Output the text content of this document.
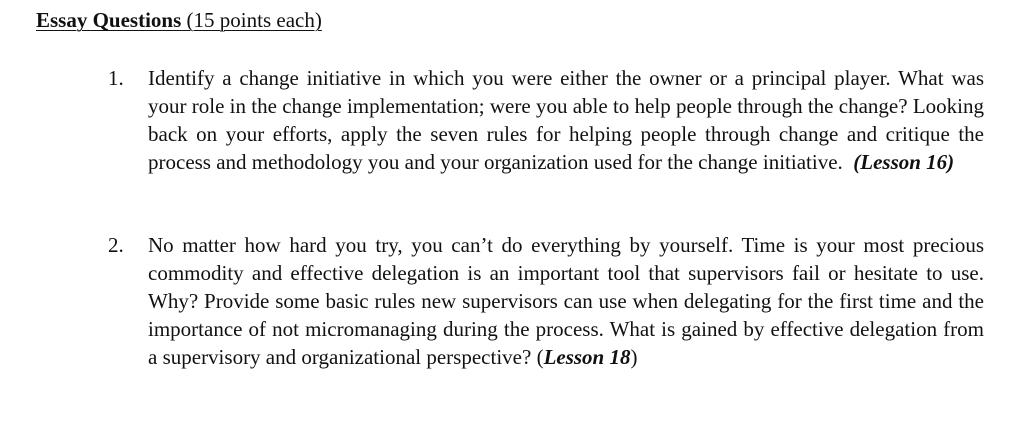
Essay Questions (15 points each)
1. Identify a change initiative in which you were either the owner or a principal player. What was your role in the change implementation; were you able to help people through the change? Looking back on your efforts, apply the seven rules for helping people through change and critique the process and methodology you and your organization used for the change initiative. (Lesson 16)
2. No matter how hard you try, you can’t do everything by yourself. Time is your most precious commodity and effective delegation is an important tool that supervisors fail or hesitate to use. Why? Provide some basic rules new supervisors can use when delegating for the first time and the importance of not micromanaging during the process. What is gained by effective delegation from a supervisory and organizational perspective? (Lesson 18)
